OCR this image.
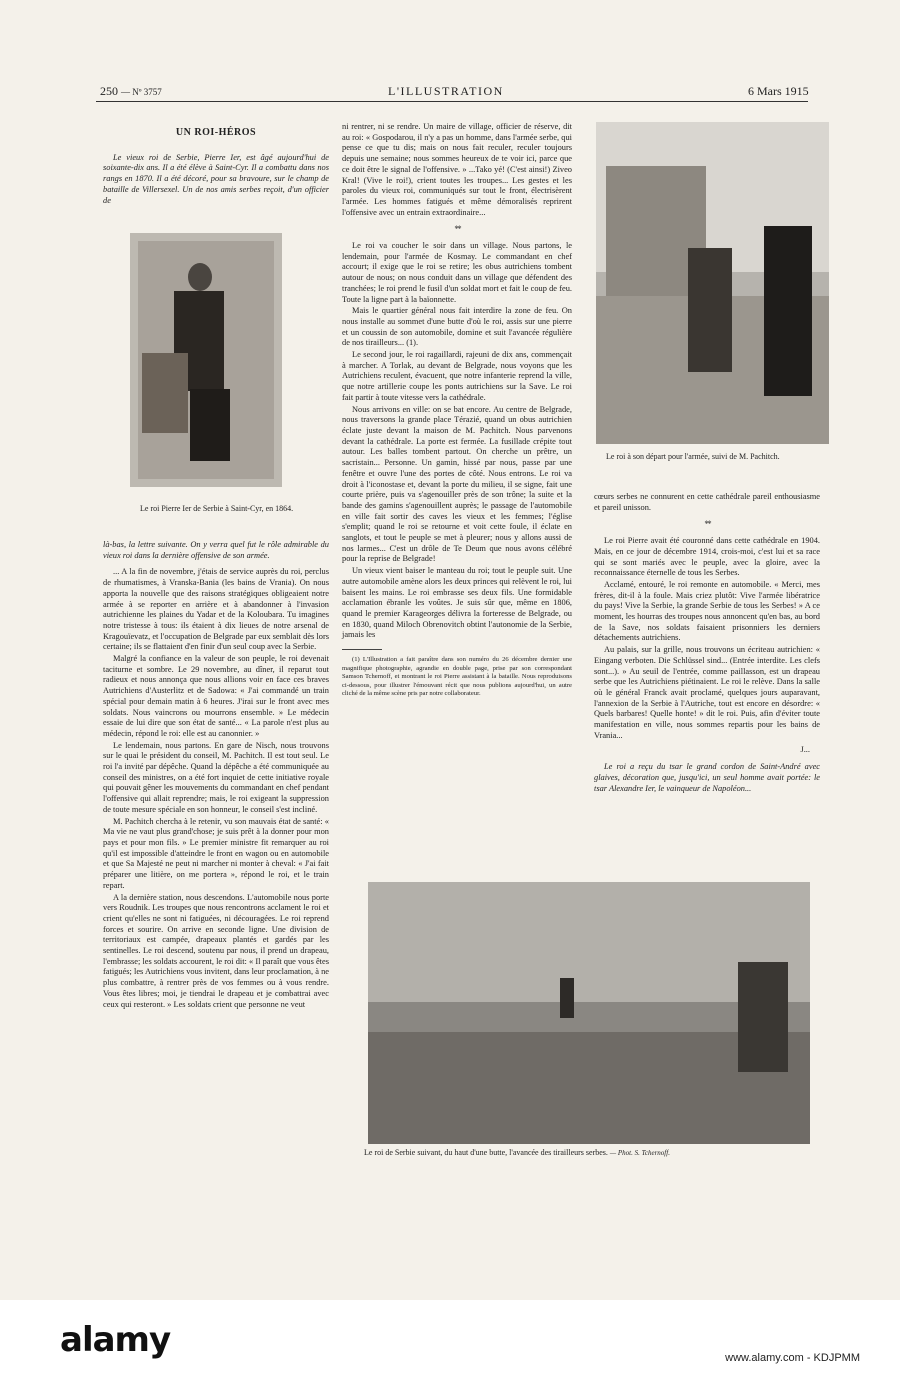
250 — Nº 3757	L'ILLUSTRATION	6 Mars 1915
UN ROI-HÉROS

Le vieux roi de Serbie, Pierre Ier, est âgé aujourd'hui de soixante-dix ans. Il a été élève à Saint-Cyr. Il a combattu dans nos rangs en 1870. Il a été décoré, pour sa bravoure, sur le champ de bataille de Villersexel. Un de nos amis serbes reçoit, d'un officier de

Le roi Pierre Ier de Serbie à Saint-Cyr, en 1864.

là-bas, la lettre suivante. On y verra quel fut le rôle admirable du vieux roi dans la dernière offensive de son armée.

... A la fin de novembre, j'étais de service auprès du roi, perclus de rhumatismes, à Vranska-Bania (les bains de Vrania). On nous apporta la nouvelle que des raisons stratégiques obligeaient notre armée à se reporter en arrière et à abandonner à l'invasion autrichienne les plaines du Yadar et de la Koloubara. Tu imagines notre tristesse à tous: ils étaient à dix lieues de notre arsenal de Kragouïevatz, et l'occupation de Belgrade par eux semblait dès lors certaine; ils se flattaient d'en finir d'un seul coup avec la Serbie.

Malgré la confiance en la valeur de son peuple, le roi devenait taciturne et sombre. Le 29 novembre, au dîner, il reparut tout radieux et nous annonça que nous allions voir en face ces braves Autrichiens d'Austerlitz et de Sadowa: « J'ai commandé un train spécial pour demain matin à 6 heures. J'irai sur le front avec mes soldats. Nous vaincrons ou mourrons ensemble. » Le médecin essaie de lui dire que son état de santé... « La parole n'est plus au médecin, répond le roi: elle est au canonnier. »

Le lendemain, nous partons. En gare de Nisch, nous trouvons sur le quai le président du conseil, M. Pachitch. Il est tout seul. Le roi l'a invité par dépêche. Quand la dépêche a été communiquée au conseil des ministres, on a été fort inquiet de cette initiative royale qui pouvait gêner les mouvements du commandant en chef pendant l'offensive qui allait reprendre; mais, le roi exigeant la suppression de toute mesure spéciale en son honneur, le conseil s'est incliné.

M. Pachitch chercha à le retenir, vu son mauvais état de santé: « Ma vie ne vaut plus grand'chose; je suis prêt à la donner pour mon pays et pour mon fils. » Le premier ministre fit remarquer au roi qu'il est impossible d'atteindre le front en wagon ou en automobile et que Sa Majesté ne peut ni marcher ni monter à cheval: « J'ai fait préparer une litière, on me portera », répond le roi, et le train repart.

A la dernière station, nous descendons. L'automobile nous porte vers Roudnik. Les troupes que nous rencontrons acclament le roi et crient qu'elles ne sont ni fatiguées, ni découragées. Le roi reprend forces et sourire. On arrive en seconde ligne. Une division de territoriaux est campée, drapeaux plantés et gardés par les sentinelles. Le roi descend, soutenu par nous, il prend un drapeau, l'embrasse; les soldats accourent, le roi dit: « Il paraît que vous êtes fatigués; les Autrichiens vous invitent, dans leur proclamation, à ne plus combattre, à rentrer près de vos femmes ou à vous rendre. Vous êtes libres; moi, je tiendrai le drapeau et je combattrai avec ceux qui resteront. » Les soldats crient que personne ne veut

ni rentrer, ni se rendre. Un maire de village, officier de réserve, dit au roi: « Gospodarou, il n'y a pas un homme, dans l'armée serbe, qui pense ce que tu dis; mais on nous fait reculer, reculer toujours depuis une semaine; nous sommes heureux de te voir ici, parce que ce doit être le signal de l'offensive. » ...Tako yé! (C'est ainsi!) Ziveo Kral! (Vive le roi!), crient toutes les troupes... Les gestes et les paroles du vieux roi, communiqués sur tout le front, électrisèrent l'armée. Les hommes fatigués et même démoralisés reprirent l'offensive avec un entrain extraordinaire...

* *

Le roi va coucher le soir dans un village. Nous partons, le lendemain, pour l'armée de Kosmay. Le commandant en chef accourt; il exige que le roi se retire; les obus autrichiens tombent autour de nous; on nous conduit dans un village que défendent des tranchées; le roi prend le fusil d'un soldat mort et fait le coup de feu. Toute la ligne part à la baïonnette.

Mais le quartier général nous fait interdire la zone de feu. On nous installe au sommet d'une butte d'où le roi, assis sur une pierre et un coussin de son automobile, domine et suit l'avancée régulière de nos tirailleurs... (1).

Le second jour, le roi ragaillardi, rajeuni de dix ans, commençait à marcher. A Torlak, au devant de Belgrade, nous voyons que les Autrichiens reculent, évacuent, que notre infanterie reprend la ville, que notre artillerie coupe les ponts autrichiens sur la Save. Le roi fait partir à toute vitesse vers la cathédrale.

Nous arrivons en ville: on se bat encore. Au centre de Belgrade, nous traversons la grande place Térazié, quand un obus autrichien éclate juste devant la maison de M. Pachitch. Nous parvenons devant la cathédrale. La porte est fermée. La fusillade crépite tout autour. Les balles tombent partout. On cherche un prêtre, un sacristain... Personne. Un gamin, hissé par nous, passe par une fenêtre et ouvre l'une des portes de côté. Nous entrons. Le roi va droit à l'iconostase et, devant la porte du milieu, il se signe, fait une courte prière, puis va s'agenouiller près de son trône; la suite et la bande des gamins s'agenouillent auprès; le passage de l'automobile en ville fait sortir des caves les vieux et les femmes; l'église s'emplit; quand le roi se retourne et voit cette foule, il éclate en sanglots, et tout le peuple se met à pleurer; nous y allons aussi de nos larmes... C'est un drôle de Te Deum que nous avons célébré pour la reprise de Belgrade!

Un vieux vient baiser le manteau du roi; tout le peuple suit. Une autre automobile amène alors les deux princes qui relèvent le roi, lui baisent les mains. Le roi embrasse ses deux fils. Une formidable acclamation ébranle les voûtes. Je suis sûr que, même en 1806, quand le premier Karageorges délivra la forteresse de Belgrade, ou en 1830, quand Miloch Obrenovitch obtint l'autonomie de la Serbie, jamais les

(1) L'Illustration a fait paraître dans son numéro du 26 décembre dernier une magnifique photographie, agrandie en double page, prise par son correspondant Samson Tchernoff, et montrant le roi Pierre assistant à la bataille. Nous reproduisons ci-dessous, pour illustrer l'émouvant récit que nous publions aujourd'hui, un autre cliché de la même scène pris par notre collaborateur.

Le roi à son départ pour l'armée, suivi de M. Pachitch.

cœurs serbes ne connurent en cette cathédrale pareil enthousiasme et pareil unisson.

* *

Le roi Pierre avait été couronné dans cette cathédrale en 1904. Mais, en ce jour de décembre 1914, crois-moi, c'est lui et sa race qui se sont mariés avec le peuple, avec la gloire, avec la reconnaissance éternelle de tous les Serbes.

Acclamé, entouré, le roi remonte en automobile. « Merci, mes frères, dit-il à la foule. Mais criez plutôt: Vive l'armée libératrice du pays! Vive la Serbie, la grande Serbie de tous les Serbes! » A ce moment, les hourras des troupes nous annoncent qu'en bas, au bord de la Save, nos soldats faisaient prisonniers les derniers détachements autrichiens.

Au palais, sur la grille, nous trouvons un écriteau autrichien: « Eingang verboten. Die Schlüssel sind... (Entrée interdite. Les clefs sont...). » Au seuil de l'entrée, comme paillasson, est un drapeau serbe que les Autrichiens piétinaient. Le roi le relève. Dans la salle où le général Franck avait proclamé, quelques jours auparavant, l'annexion de la Serbie à l'Autriche, tout est encore en désordre: « Quels barbares! Quelle honte! » dit le roi. Puis, afin d'éviter toute manifestation en ville, nous sommes repartis pour les bains de Vrania...

J...

Le roi a reçu du tsar le grand cordon de Saint-André avec glaives, décoration que, jusqu'ici, un seul homme avait portée: le tsar Alexandre Ier, le vainqueur de Napoléon...

Le roi de Serbie suivant, du haut d'une butte, l'avancée des tirailleurs serbes. — Phot. S. Tchernoff.
alamy	www.alamy.com - KDJPMM
